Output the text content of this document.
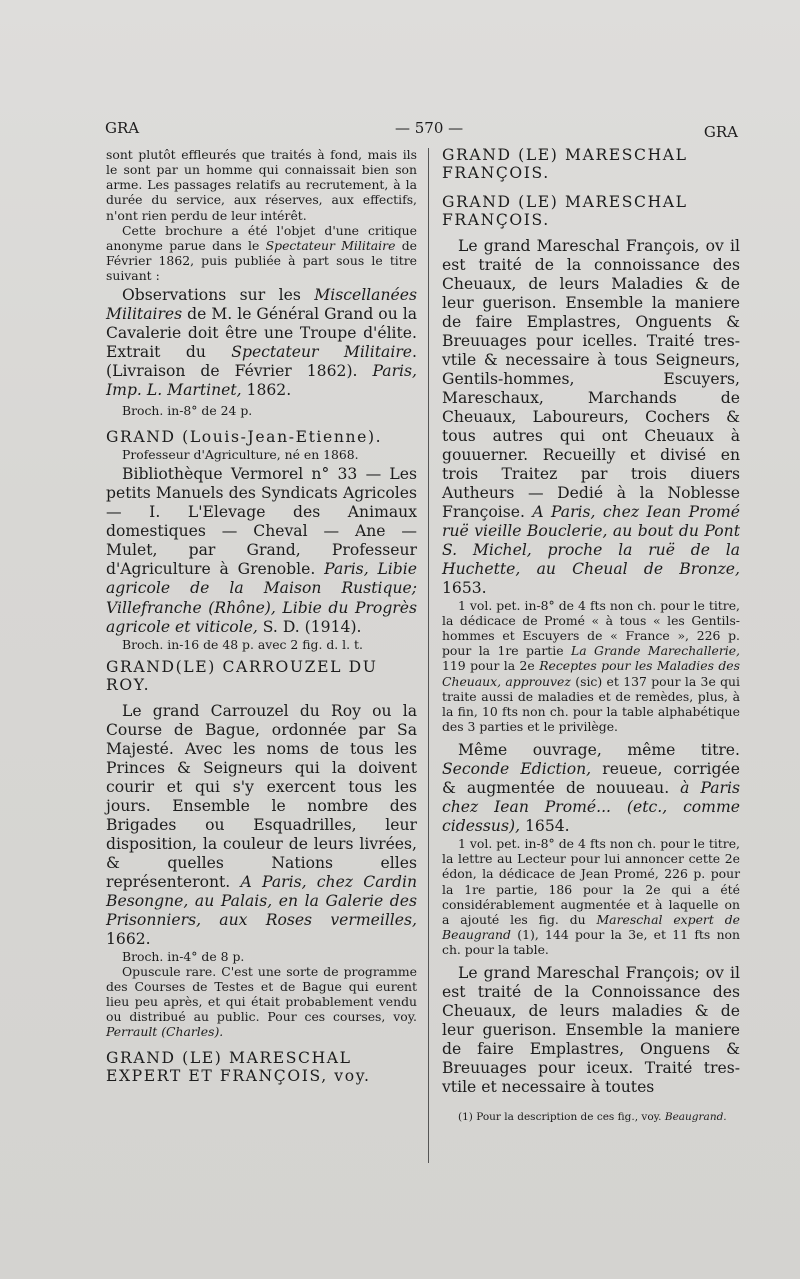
GRA	— 570 —	GRA

sont plutôt effleurés que traités à fond, mais ils le sont par un homme qui connaissait bien son arme. Les passages relatifs au recrutement, à la durée du service, aux réserves, aux effectifs, n'ont rien perdu de leur intérêt.

Cette brochure a été l'objet d'une critique anonyme parue dans le Spectateur Militaire de Février 1862, puis publiée à part sous le titre suivant :

Observations sur les Miscellanées Militaires de M. le Général Grand ou la Cavalerie doit être une Troupe d'élite. Extrait du Spectateur Militaire. (Livraison de Février 1862). Paris, Imp. L. Martinet, 1862.

Broch. in-8° de 24 p.

GRAND (Louis-Jean-Etienne).

Professeur d'Agriculture, né en 1868.

Bibliothèque Vermorel n° 33 — Les petits Manuels des Syndicats Agricoles — I. L'Elevage des Animaux domestiques — Cheval — Ane — Mulet, par Grand, Professeur d'Agriculture à Grenoble. Paris, Libie agricole de la Maison Rustique; Villefranche (Rhône), Libie du Progrès agricole et viticole, S. D. (1914).

Broch. in-16 de 48 p. avec 2 fig. d. l. t.

GRAND(LE) CARROUZEL DU ROY.

Le grand Carrouzel du Roy ou la Course de Bague, ordonnée par Sa Majesté. Avec les noms de tous les Princes & Seigneurs qui la doivent courir et qui s'y exercent tous les jours. Ensemble le nombre des Brigades ou Esquadrilles, leur disposition, la couleur de leurs livrées, & quelles Nations elles représenteront. A Paris, chez Cardin Besongne, au Palais, en la Galerie des Prisonniers, aux Roses vermeilles, 1662.

Broch. in-4° de 8 p.

Opuscule rare. C'est une sorte de programme des Courses de Testes et de Bague qui eurent lieu peu après, et qui était probablement vendu ou distribué au public. Pour ces courses, voy. Perrault (Charles).

GRAND (LE) MARESCHAL EXPERT ET FRANÇOIS, voy.

GRAND (LE) MARESCHAL FRANÇOIS.

GRAND (LE) MARESCHAL FRANÇOIS.

Le grand Mareschal François, ov il est traité de la connoissance des Cheuaux, de leurs Maladies & de leur guerison. Ensemble la maniere de faire Emplastres, Onguents & Breuuages pour icelles. Traité tres-vtile & necessaire à tous Seigneurs, Gentils-hommes, Escuyers, Mareschaux, Marchands de Cheuaux, Laboureurs, Cochers & tous autres qui ont Cheuaux à gouuerner. Recueilly et divisé en trois Traitez par trois diuers Autheurs — Dedié à la Noblesse Françoise. A Paris, chez Iean Promé ruë vieille Bouclerie, au bout du Pont S. Michel, proche la ruë de la Huchette, au Cheual de Bronze, 1653.

1 vol. pet. in-8° de 4 fts non ch. pour le titre, la dédicace de Promé « à tous « les Gentils-hommes et Escuyers de « France », 226 p. pour la 1re partie La Grande Marechallerie, 119 pour la 2e Receptes pour les Maladies des Cheuaux, approuvez (sic) et 137 pour la 3e qui traite aussi de maladies et de remèdes, plus, à la fin, 10 fts non ch. pour la table alphabétique des 3 parties et le privilège.

Même ouvrage, même titre. Seconde Ediction, reueue, corrigée & augmentée de nouueau. à Paris chez Iean Promé... (etc., comme cidessus), 1654.

1 vol. pet. in-8° de 4 fts non ch. pour le titre, la lettre au Lecteur pour lui annoncer cette 2e édon, la dédicace de Jean Promé, 226 p. pour la 1re partie, 186 pour la 2e qui a été considérablement augmentée et à laquelle on a ajouté les fig. du Mareschal expert de Beaugrand (1), 144 pour la 3e, et 11 fts non ch. pour la table.

Le grand Mareschal François; ov il est traité de la Connoissance des Cheuaux, de leurs maladies & de leur guerison. Ensemble la maniere de faire Emplastres, Onguens & Breuuages pour iceux. Traité tres-vtile et necessaire à toutes

(1) Pour la description de ces fig., voy. Beaugrand.
